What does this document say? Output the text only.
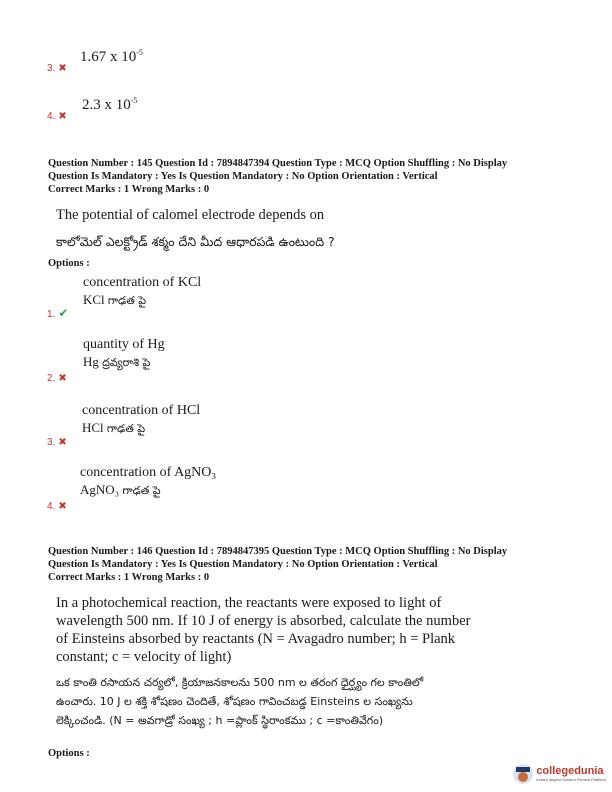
3. ✖
1.67 x $10^{-5}$
4. ✖
2.3 x $10^{-5}$
Question Number : 145 Question Id : 7894847394 Question Type : MCQ Option Shuffling : No Display
Question Is Mandatory : Yes Is Question Mandatory : No Option Orientation : Vertical
Correct Marks : 1 Wrong Marks : 0
The potential of calomel electrode depends on
కాలోమెల్ ఎలక్ట్రోడ్ శక్మం దేని మీద ఆధారపడి ఉంటుంది ?
Options :
1. ✔
concentration of KCl
KCl గాఢత పై
2. ✖
quantity of Hg
Hg ద్రవ్యరాశి పై
3. ✖
concentration of HCl
HCl గాఢత పై
4. ✖
concentration of AgNO₃
AgNO₃ గాఢత పై
Question Number : 146 Question Id : 7894847395 Question Type : MCQ Option Shuffling : No Display
Question Is Mandatory : Yes Is Question Mandatory : No Option Orientation : Vertical
Correct Marks : 1 Wrong Marks : 0
In a photochemical reaction, the reactants were exposed to light of
wavelength 500 nm. If 10 J of energy is absorbed, calculate the number
of Einsteins absorbed by reactants (N = Avagadro number; h = Plank
constant; c = velocity of light)
ఒక కాంతి రసాయన చర్యలో, క్రియాజనకాలను 500 nm ల తరంగ ధైర్ఘ్యం గల కాంతిలో
ఉంచారు. 10 J ల శక్తి శోషణం చెందితే, శోషణం గావించబడ్డ Einsteins ల సంఖ్యను
లెక్కించండి. (N = అవగాడ్రో సంఖ్య ; h =ప్లాంక్ స్థిరాంకము ; c =కాంతివేగం)
Options :
collegedunia
India's largest Student Review Platform
